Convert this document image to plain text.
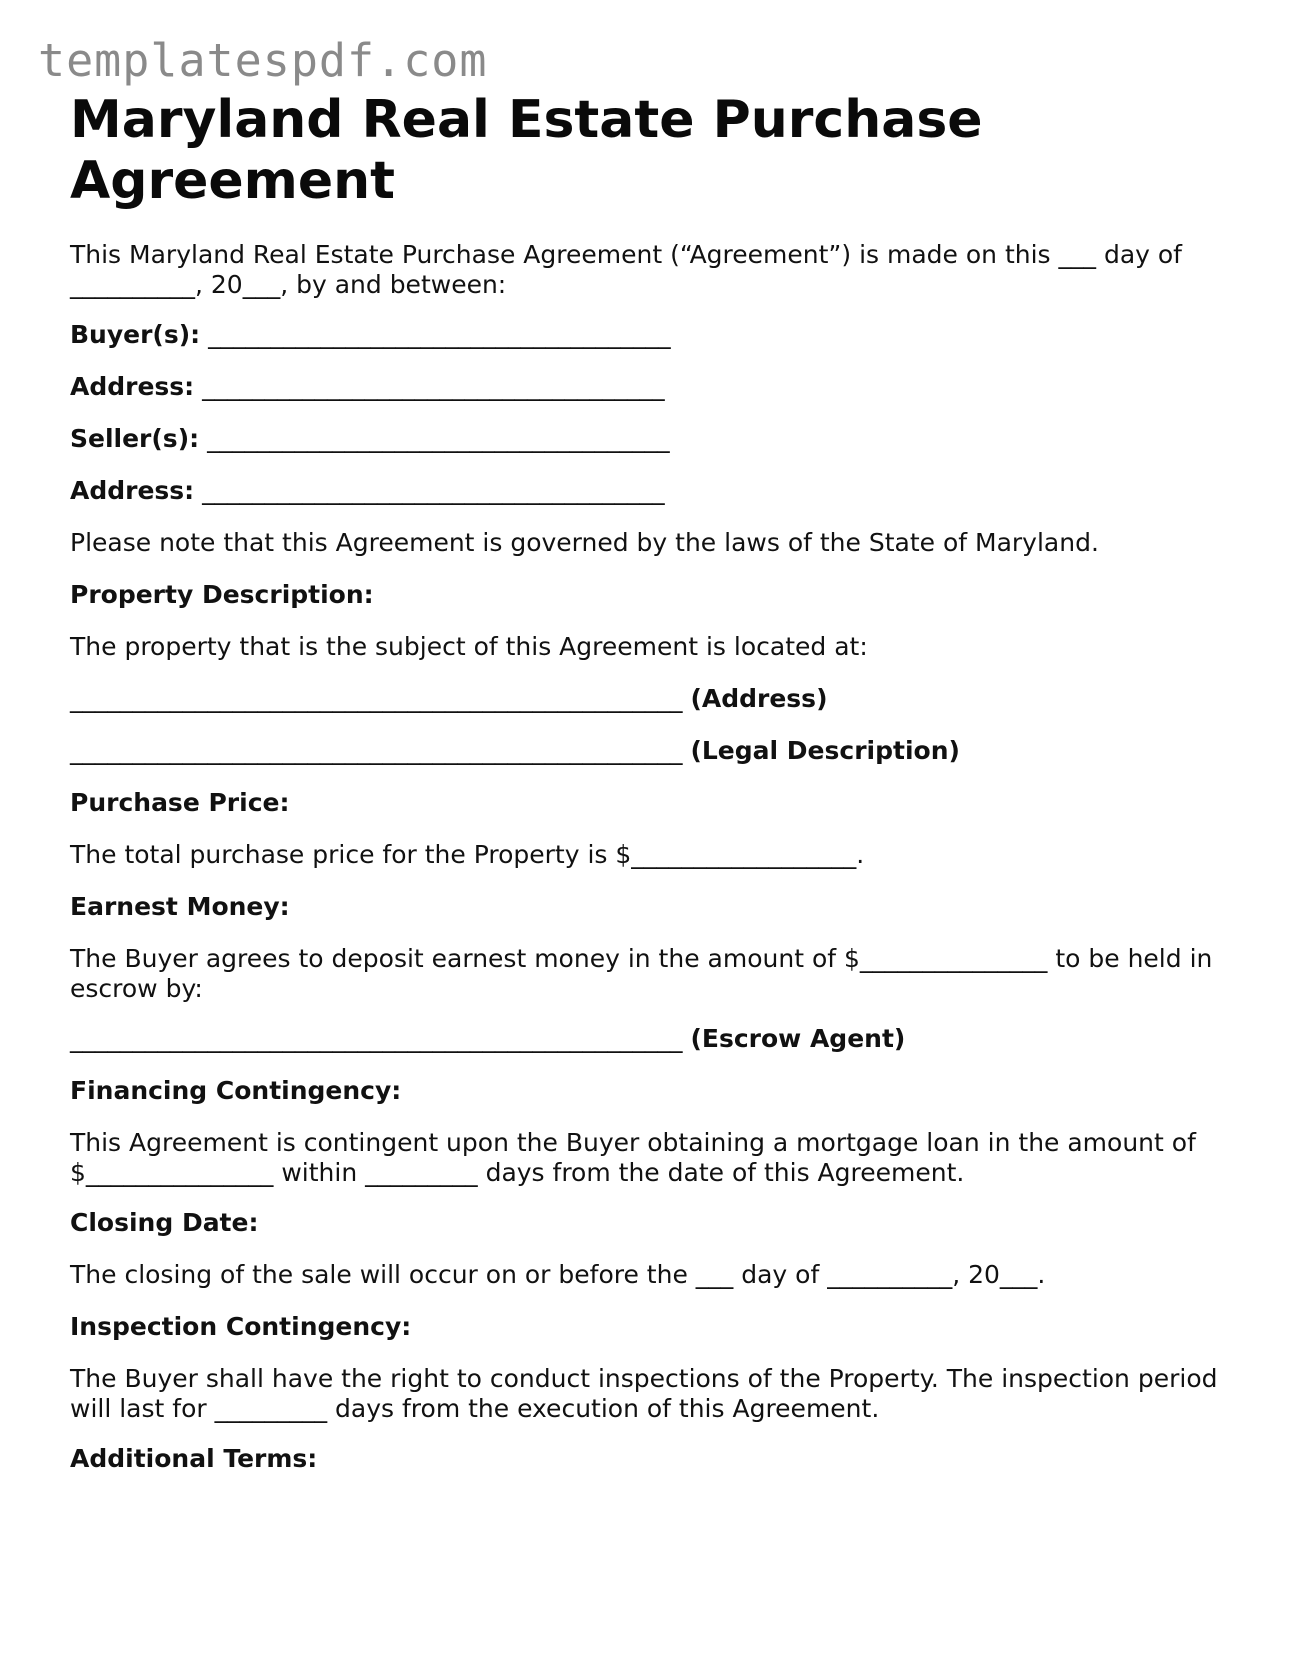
templatespdf.com
Maryland Real Estate Purchase Agreement
This Maryland Real Estate Purchase Agreement (“Agreement”) is made on this ___ day of __________, 20___, by and between:
Buyer(s): _____________________________________
Address: _____________________________________
Seller(s): _____________________________________
Address: _____________________________________
Please note that this Agreement is governed by the laws of the State of Maryland.
Property Description:
The property that is the subject of this Agreement is located at:
_________________________________________________ (Address)
_________________________________________________ (Legal Description)
Purchase Price:
The total purchase price for the Property is $__________________.
Earnest Money:
The Buyer agrees to deposit earnest money in the amount of $_______________ to be held in escrow by:
_________________________________________________ (Escrow Agent)
Financing Contingency:
This Agreement is contingent upon the Buyer obtaining a mortgage loan in the amount of $_______________ within _________ days from the date of this Agreement.
Closing Date:
The closing of the sale will occur on or before the ___ day of __________, 20___.
Inspection Contingency:
The Buyer shall have the right to conduct inspections of the Property. The inspection period will last for _________ days from the execution of this Agreement.
Additional Terms:
